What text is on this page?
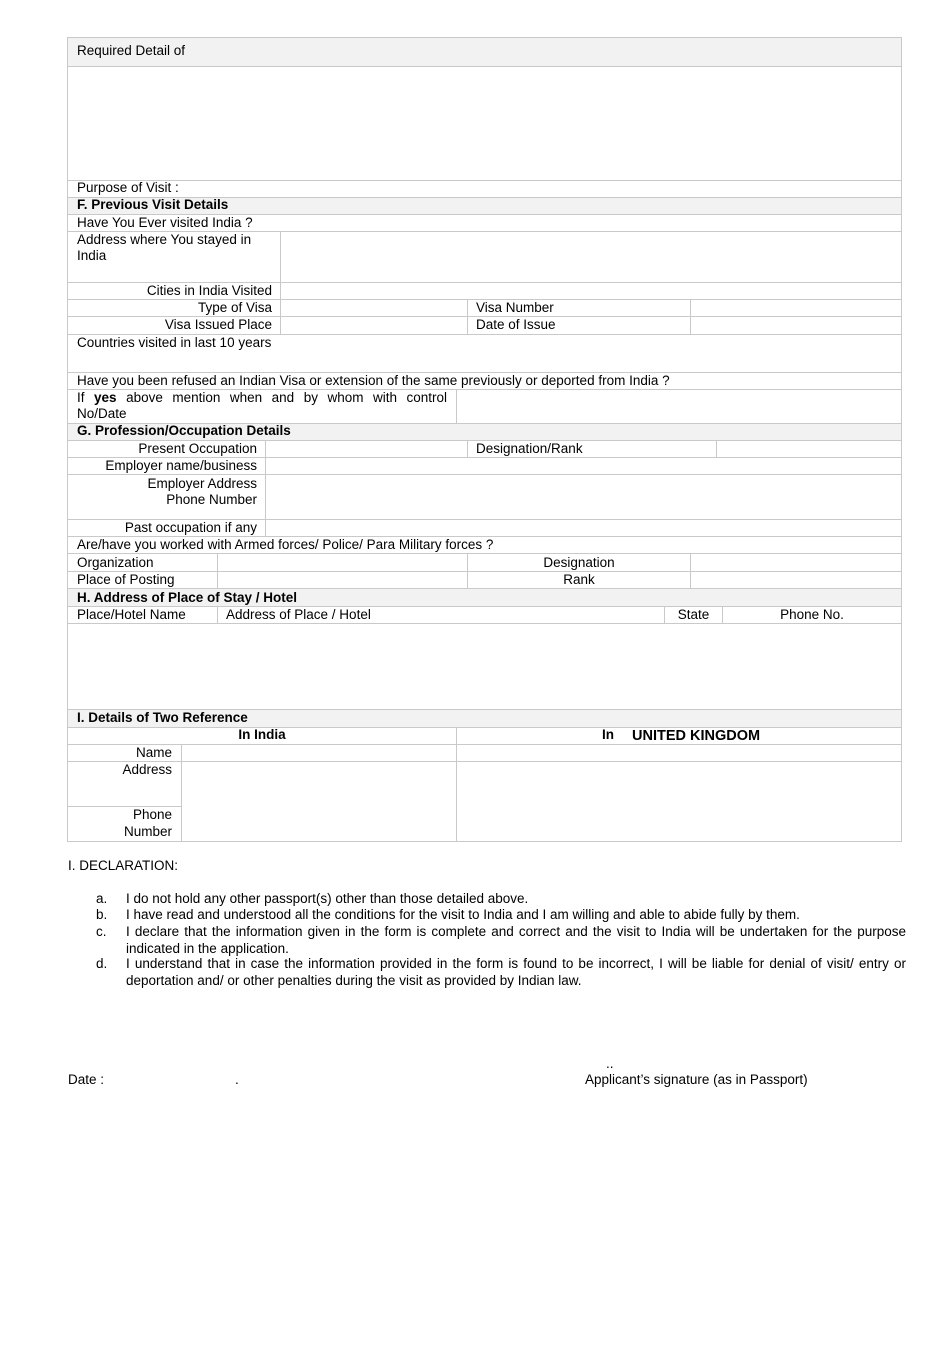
Required Detail of
Purpose of Visit :
F. Previous Visit Details
Have You Ever visited India ?
Address where You stayed in India
Cities in India Visited
Type of Visa	Visa Number
Visa Issued Place	Date of Issue
Countries visited in last 10 years
Have you been refused an Indian Visa or extension of the same previously or deported from India ?
If yes above mention when and by whom with control No/Date
G. Profession/Occupation Details
Present Occupation	Designation/Rank
Employer name/business
Employer Address
Phone Number
Past occupation if any
Are/have you worked with Armed forces/ Police/ Para Military forces ?
Organization	Designation
Place of Posting	Rank
H. Address of Place of Stay / Hotel
Place/Hotel Name	Address of Place / Hotel	State	Phone No.
I. Details of Two Reference
In India	In UNITED KINGDOM
Name
Address
Phone
Number
I. DECLARATION:
a. I do not hold any other passport(s) other than those detailed above.
b. I have read and understood all the conditions for the visit to India and I am willing and able to abide fully by them.
c. I declare that the information given in the form is complete and correct and the visit to India will be undertaken for the purpose indicated in the application.
d. I understand that in case the information provided in the form is found to be incorrect, I will be liable for denial of visit/ entry or deportation and/ or other penalties during the visit as provided by Indian law.
Date :	.
..
Applicant’s signature (as in Passport)
